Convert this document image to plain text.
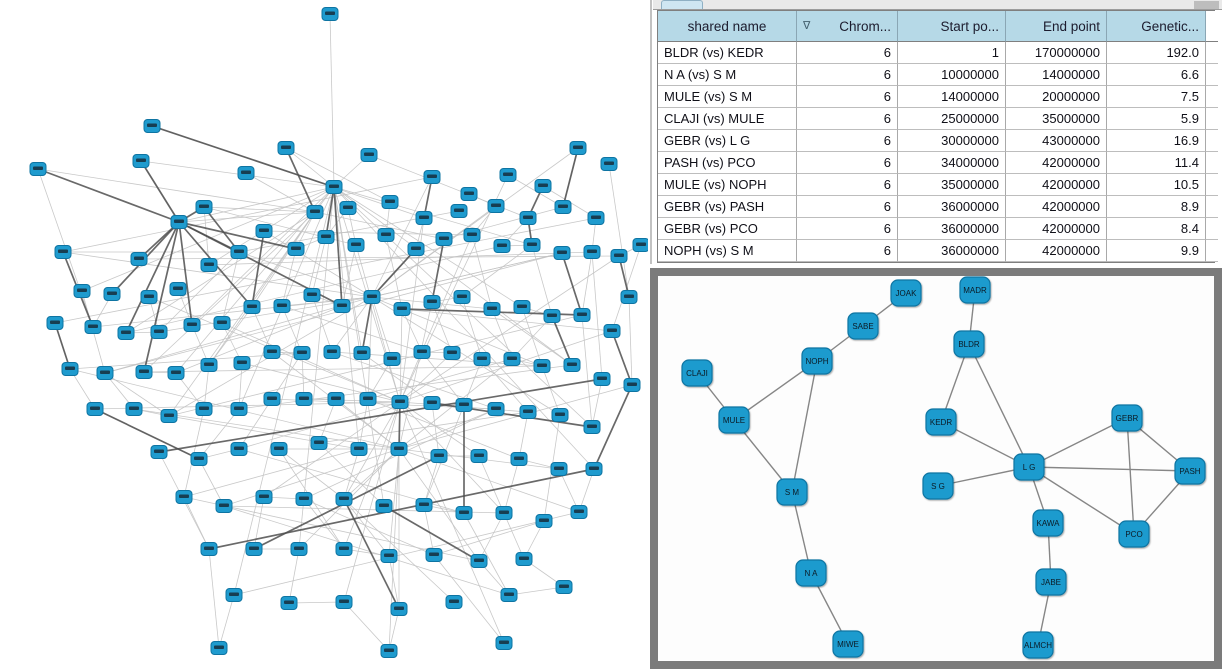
shared name	∇ Chrom...	Start po...	End point	Genetic...
BLDR (vs) KEDR	6	1	170000000	192.0
N A (vs) S M	6	10000000	14000000	6.6
MULE (vs) S M	6	14000000	20000000	7.5
CLAJI (vs) MULE	6	25000000	35000000	5.9
GEBR (vs) L G	6	30000000	43000000	16.9
PASH (vs) PCO	6	34000000	42000000	11.4
MULE (vs) NOPH	6	35000000	42000000	10.5
GEBR (vs) PASH	6	36000000	42000000	8.9
GEBR (vs) PCO	6	36000000	42000000	8.4
NOPH (vs) S M	6	36000000	42000000	9.9
JOAK
SABE
NOPH
CLAJI
MULE
S M
N A
MIWE
MADR
BLDR
KEDR
S G
L G
GEBR
PASH
PCO
KAWA
JABE
ALMCH
